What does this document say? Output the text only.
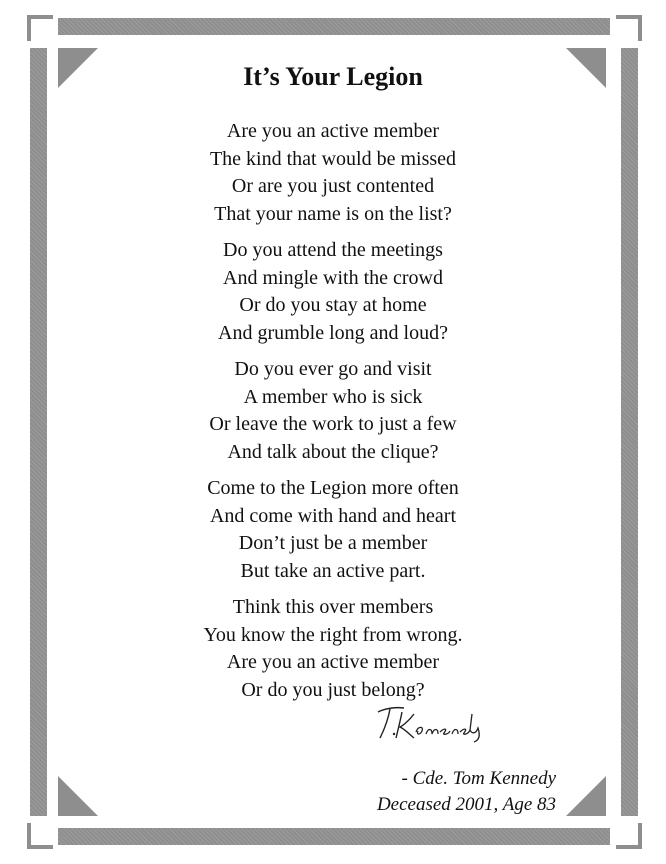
It’s Your Legion
Are you an active member
The kind that would be missed
Or are you just contented
That your name is on the list?
Do you attend the meetings
And mingle with the crowd
Or do you stay at home
And grumble long and loud?
Do you ever go and visit
A member who is sick
Or leave the work to just a few
And talk about the clique?
Come to the Legion more often
And come with hand and heart
Don’t just be a member
But take an active part.
Think this over members
You know the right from wrong.
Are you an active member
Or do you just belong?
- Cde. Tom Kennedy
Deceased 2001, Age 83
